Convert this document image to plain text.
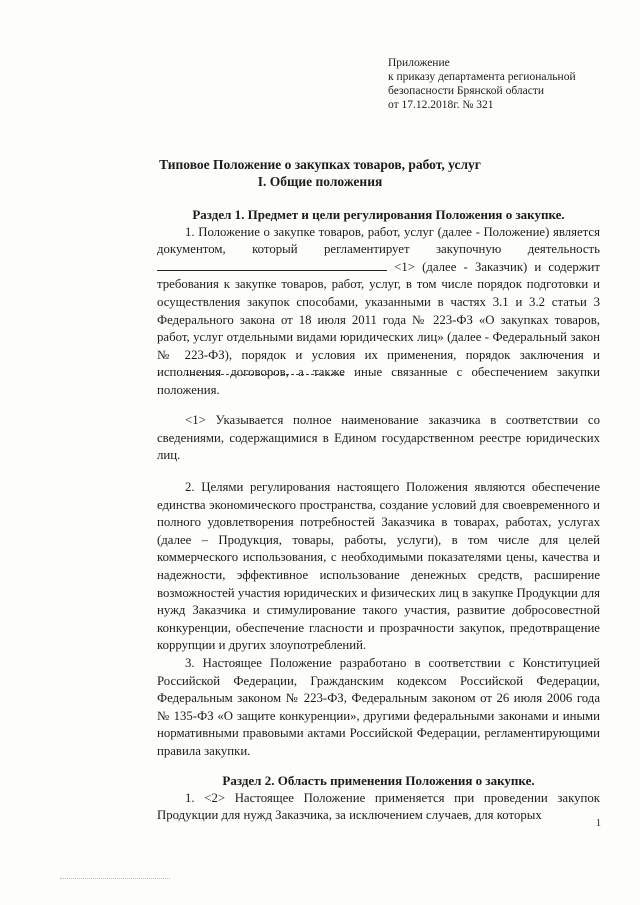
Приложение
к приказу департамента региональной
безопасности Брянской области
от 17.12.2018г. № 321
Типовое Положение о закупках товаров, работ, услуг
I. Общие положения

Раздел 1. Предмет и цели регулирования Положения о закупке.

1. Положение о закупке товаров, работ, услуг (далее - Положение) является документом, который регламентирует закупочную деятельность  <1> (далее - Заказчик) и содержит требования к закупке товаров, работ, услуг, в том числе порядок подготовки и осуществления закупок способами, указанными в частях 3.1 и 3.2 статьи 3 Федерального закона от 18 июля 2011 года № 223-ФЗ «О закупках товаров, работ, услуг отдельными видами юридических лиц» (далее - Федеральный закон № 223-ФЗ), порядок и условия их применения, порядок заключения и исполнения договоров, а также иные связанные с обеспечением закупки положения.

<1> Указывается полное наименование заказчика в соответствии со сведениями, содержащимися в Едином государственном реестре юридических лиц.

2. Целями регулирования настоящего Положения являются обеспечение единства экономического пространства, создание условий для своевременного и полного удовлетворения потребностей Заказчика в товарах, работах, услугах (далее – Продукция, товары, работы, услуги), в том числе для целей коммерческого использования, с необходимыми показателями цены, качества и надежности, эффективное использование денежных средств, расширение возможностей участия юридических и физических лиц в закупке Продукции для нужд Заказчика и стимулирование такого участия, развитие добросовестной конкуренции, обеспечение гласности и прозрачности закупок, предотвращение коррупции и других злоупотреблений.

3. Настоящее Положение разработано в соответствии с Конституцией Российской Федерации, Гражданским кодексом Российской Федерации, Федеральным законом № 223-ФЗ, Федеральным законом от 26 июля 2006 года № 135-ФЗ «О защите конкуренции», другими федеральными законами и иными нормативными правовыми актами Российской Федерации, регламентирующими правила закупки.

Раздел 2. Область применения Положения о закупке.

1. <2> Настоящее Положение применяется при проведении закупок Продукции для нужд Заказчика, за исключением случаев, для которых

1
